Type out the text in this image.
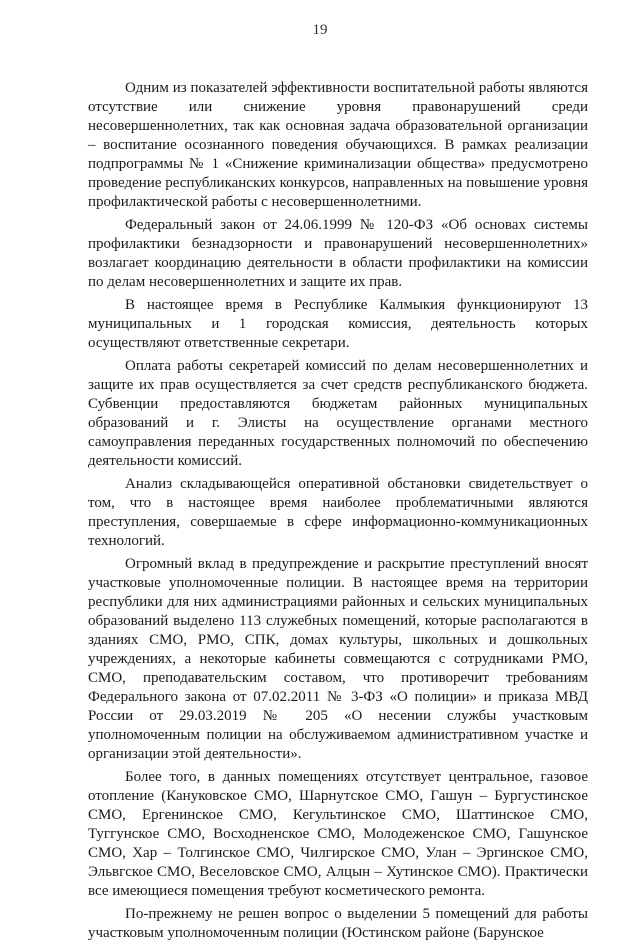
19

Одним из показателей эффективности воспитательной работы являются отсутствие или снижение уровня правонарушений среди несовершеннолетних, так как основная задача образовательной организации – воспитание осознанного поведения обучающихся. В рамках реализации подпрограммы № 1 «Снижение криминализации общества» предусмотрено проведение республиканских конкурсов, направленных на повышение уровня профилактической работы с несовершеннолетними.

Федеральный закон от 24.06.1999 № 120-ФЗ «Об основах системы профилактики безнадзорности и правонарушений несовершеннолетних» возлагает координацию деятельности в области профилактики на комиссии по делам несовершеннолетних и защите их прав.

В настоящее время в Республике Калмыкия функционируют 13 муниципальных и 1 городская комиссия, деятельность которых осуществляют ответственные секретари.

Оплата работы секретарей комиссий по делам несовершеннолетних и защите их прав осуществляется за счет средств республиканского бюджета. Субвенции предоставляются бюджетам районных муниципальных образований и г. Элисты на осуществление органами местного самоуправления переданных государственных полномочий по обеспечению деятельности комиссий.

Анализ складывающейся оперативной обстановки свидетельствует о том, что в настоящее время наиболее проблематичными являются преступления, совершаемые в сфере информационно-коммуникационных технологий.

Огромный вклад в предупреждение и раскрытие преступлений вносят участковые уполномоченные полиции. В настоящее время на территории республики для них администрациями районных и сельских муниципальных образований выделено 113 служебных помещений, которые располагаются в зданиях СМО, РМО, СПК, домах культуры, школьных и дошкольных учреждениях, а некоторые кабинеты совмещаются с сотрудниками РМО, СМО, преподавательским составом, что противоречит требованиям Федерального закона от 07.02.2011 № 3-ФЗ «О полиции» и приказа МВД России от 29.03.2019 № 205 «О несении службы участковым уполномоченным полиции на обслуживаемом административном участке и организации этой деятельности».

Более того, в данных помещениях отсутствует центральное, газовое отопление (Кануковское СМО, Шарнутское СМО, Гашун – Бургустинское СМО, Ергенинское СМО, Кегультинское СМО, Шаттинское СМО, Туггунское СМО, Восходненское СМО, Молодеженское СМО, Гашунское СМО, Хар – Толгинское СМО, Чилгирское СМО, Улан – Эргинское СМО, Эльвгское СМО, Веселовское СМО, Алцын – Хутинское СМО). Практически все имеющиеся помещения требуют косметического ремонта.

По-прежнему не решен вопрос о выделении 5 помещений для работы участковым уполномоченным полиции (Юстинском районе (Барунское
